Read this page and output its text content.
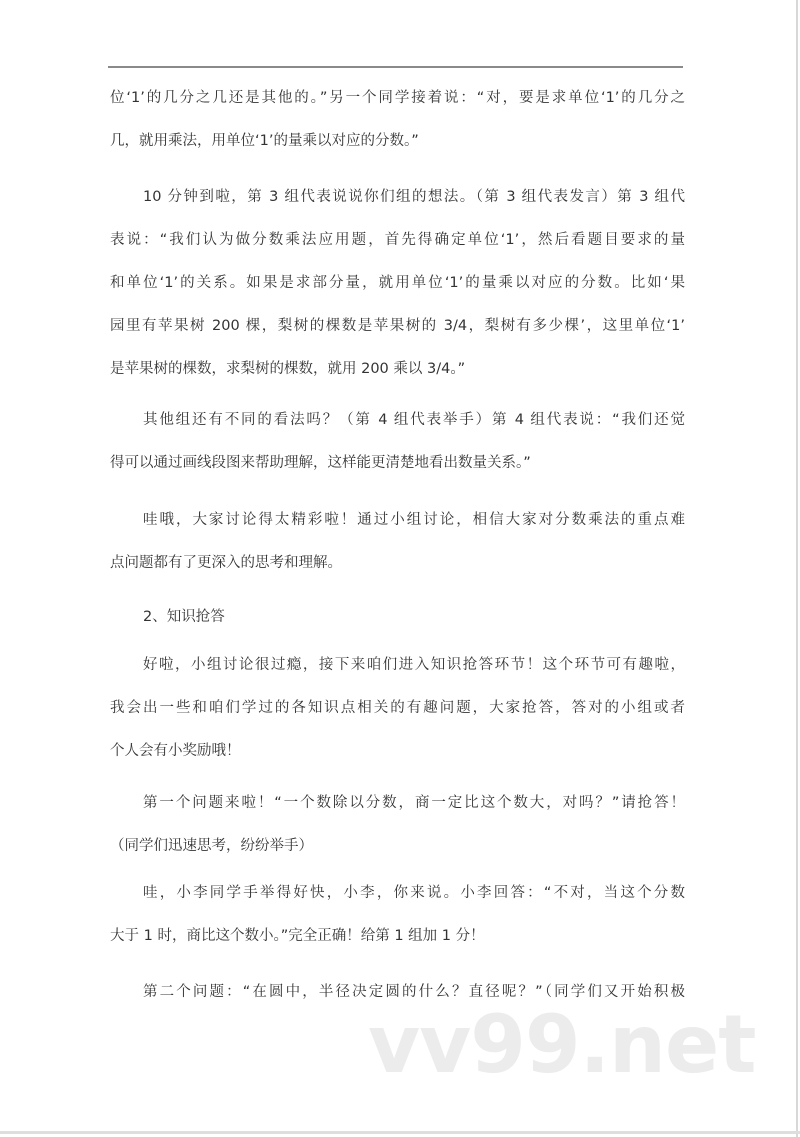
位‘1’的几分之几还是其他的。”另一个同学接着说：“对，要是求单位‘1’的几分之
几，就用乘法，用单位‘1’的量乘以对应的分数。”
10 分钟到啦，第 3 组代表说说你们组的想法。（第 3 组代表发言）第 3 组代
表说：“我们认为做分数乘法应用题，首先得确定单位‘1’，然后看题目要求的量
和单位‘1’的关系。如果是求部分量，就用单位‘1’的量乘以对应的分数。比如‘果
园里有苹果树 200 棵，梨树的棵数是苹果树的 3/4，梨树有多少棵’，这里单位‘1’
是苹果树的棵数，求梨树的棵数，就用 200 乘以 3/4。”
其他组还有不同的看法吗？（第 4 组代表举手）第 4 组代表说：“我们还觉
得可以通过画线段图来帮助理解，这样能更清楚地看出数量关系。”
哇哦，大家讨论得太精彩啦！通过小组讨论，相信大家对分数乘法的重点难
点问题都有了更深入的思考和理解。
2、知识抢答
好啦，小组讨论很过瘾，接下来咱们进入知识抢答环节！这个环节可有趣啦，
我会出一些和咱们学过的各知识点相关的有趣问题，大家抢答，答对的小组或者
个人会有小奖励哦！
第一个问题来啦！“一个数除以分数，商一定比这个数大，对吗？”请抢答！
（同学们迅速思考，纷纷举手）
哇，小李同学手举得好快，小李，你来说。小李回答：“不对，当这个分数
大于 1 时，商比这个数小。”完全正确！给第 1 组加 1 分！
第二个问题：“在圆中，半径决定圆的什么？直径呢？”（同学们又开始积极
vv99.net
